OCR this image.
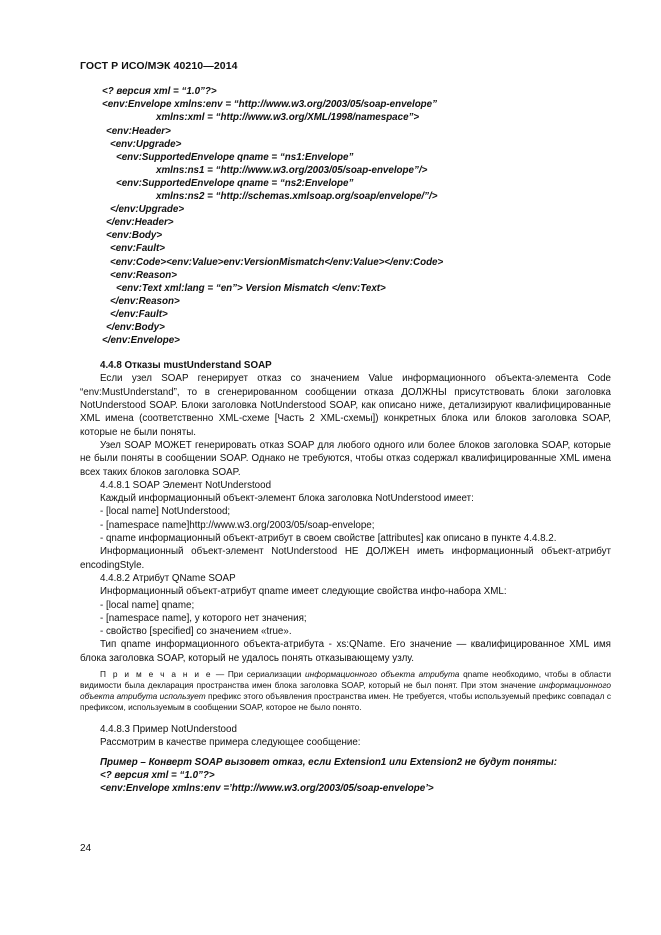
ГОСТ Р ИСО/МЭК 40210—2014
<? версия xml = “1.0”?>
<env:Envelope xmlns:env = “http://www.w3.org/2003/05/soap-envelope”
xmlns:xml = “http://www.w3.org/XML/1998/namespace”>
<env:Header>
<env:Upgrade>
<env:SupportedEnvelope qname = “ns1:Envelope”
xmlns:ns1 = “http://www.w3.org/2003/05/soap-envelope”/>
<env:SupportedEnvelope qname = “ns2:Envelope”
xmlns:ns2 = “http://schemas.xmlsoap.org/soap/envelope/”/>
</env:Upgrade>
</env:Header>
<env:Body>
<env:Fault>
<env:Code><env:Value>env:VersionMismatch</env:Value></env:Code>
<env:Reason>
<env:Text xml:lang = “en”> Version Mismatch </env:Text>
</env:Reason>
</env:Fault>
</env:Body>
</env:Envelope>
4.4.8 Отказы mustUnderstand SOAP

Если узел SOAP генерирует отказ со значением Value информационного объекта-элемента Code “env:MustUnderstand”, то в сгенерированном сообщении отказа ДОЛЖНЫ присутствовать блоки заголовка NotUnderstood SOAP. Блоки заголовка NotUnderstood SOAP, как описано ниже, детализируют квалифицированные XML имена (соответственно XML-схеме [Часть 2 XML-схемы]) конкретных блока или блоков заголовка SOAP, которые не были поняты.

Узел SOAP МОЖЕТ генерировать отказ SOAP для любого одного или более блоков заголовка SOAP, которые не были поняты в сообщении SOAP. Однако не требуются, чтобы отказ содержал квалифицированные XML имена всех таких блоков заголовка SOAP.

4.4.8.1 SOAP Элемент NotUnderstood

Каждый информационный объект-элемент блока заголовка NotUnderstood имеет:

- [local name] NotUnderstood;

- [namespace name]http://www.w3.org/2003/05/soap-envelope;

- qname информационный объект-атрибут в своем свойстве [attributes] как описано в пункте 4.4.8.2.

Информационный объект-элемент NotUnderstood НЕ ДОЛЖЕН иметь информационный объект-атрибут encodingStyle.

4.4.8.2 Атрибут QName SOAP

Информационный объект-атрибут qname имеет следующие свойства инфо-набора XML:

- [local name] qname;

- [namespace name], у которого нет значения;

- свойство [specified] со значением «true».

Тип qname информационного объекта-атрибута - xs:QName. Его значение — квалифицированное XML имя блока заголовка SOAP, который не удалось понять отказывающему узлу.

П р и м е ч а н и е — При сериализации информационного объекта атрибута qname необходимо, чтобы в области видимости была декларация пространства имен блока заголовка SOAP, который не был понят. При этом значение информационного объекта атрибута использует префикс этого объявления пространства имен. Не требуется, чтобы используемый префикс совпадал с префиксом, используемым в сообщении SOAP, которое не было понято.

4.4.8.3 Пример NotUnderstood

Рассмотрим в качестве примера следующее сообщение:

Пример – Конверт SOAP вызовет отказ, если Extension1 или Extension2 не будут поняты:
<? версия xml = “1.0”?>
<env:Envelope xmlns:env =’http://www.w3.org/2003/05/soap-envelope’>
24
